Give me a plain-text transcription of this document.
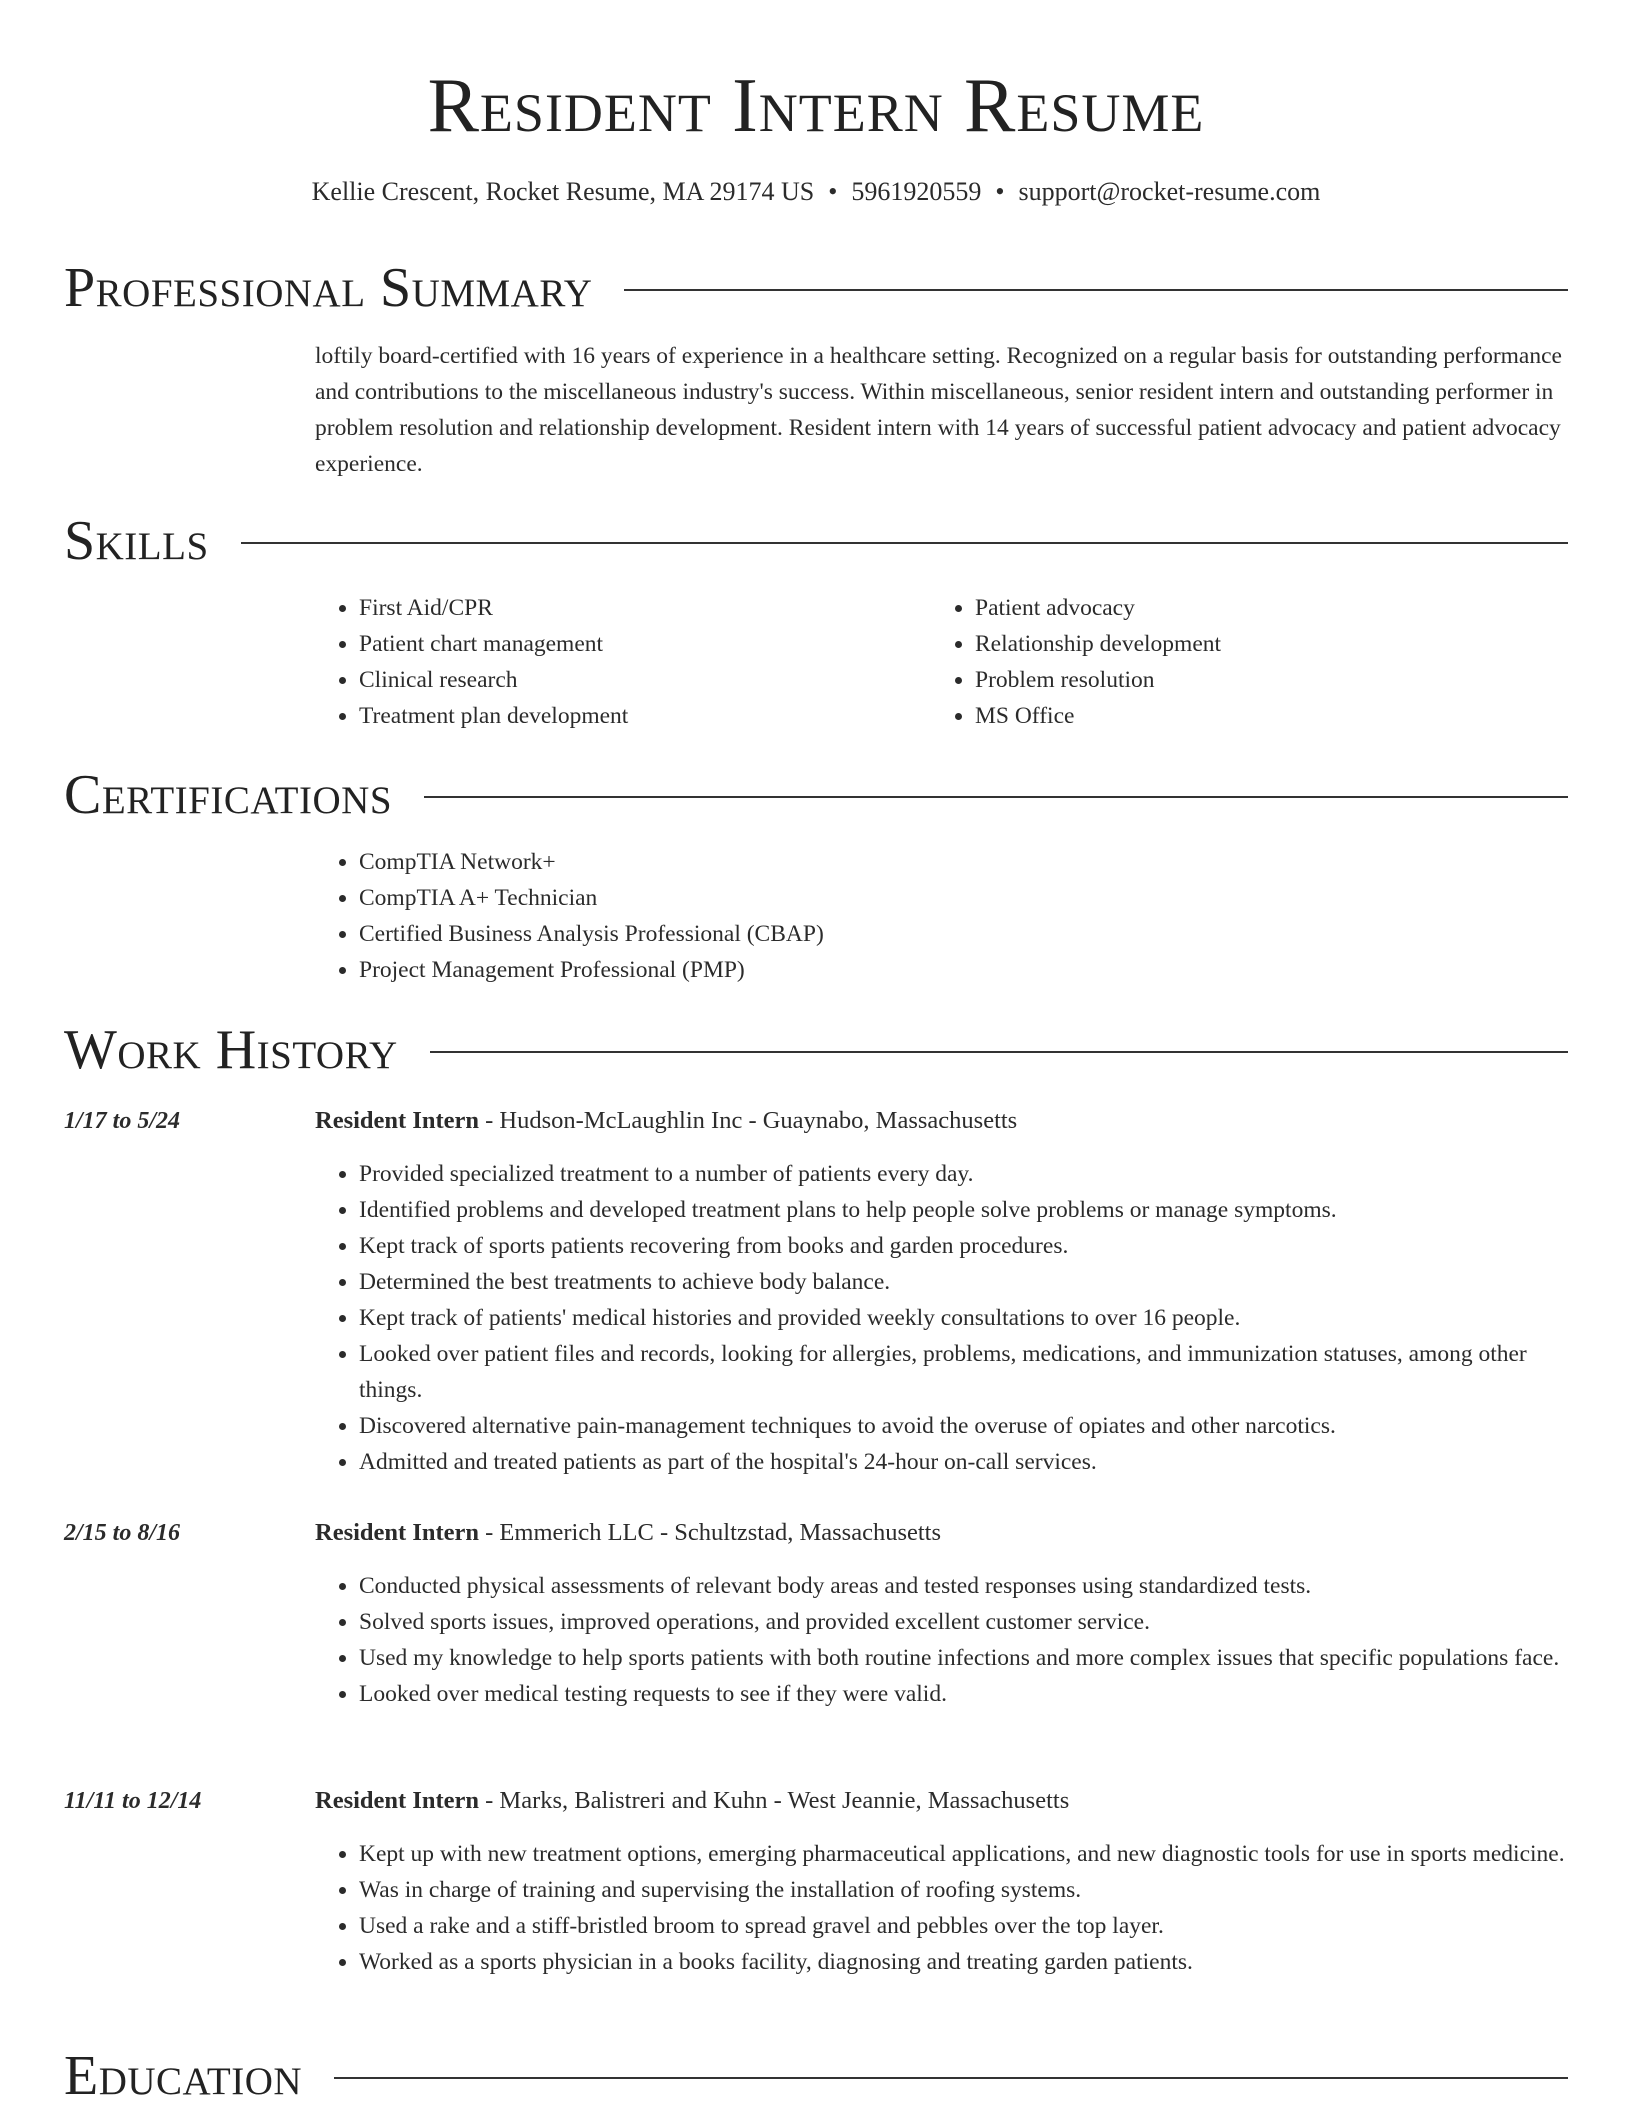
Resident Intern Resume
Kellie Crescent, Rocket Resume, MA 29174 US • 5961920559 • support@rocket-resume.com
Professional Summary

loftily board-certified with 16 years of experience in a healthcare setting. Recognized on a regular basis for outstanding performance and contributions to the miscellaneous industry's success. Within miscellaneous, senior resident intern and outstanding performer in problem resolution and relationship development. Resident intern with 14 years of successful patient advocacy and patient advocacy experience.

Skills
• First Aid/CPR
• Patient chart management
• Clinical research
• Treatment plan development
• Patient advocacy
• Relationship development
• Problem resolution
• MS Office
Certifications
• CompTIA Network+
• CompTIA A+ Technician
• Certified Business Analysis Professional (CBAP)
• Project Management Professional (PMP)
Work History
1/17 to 5/24	Resident Intern - Hudson-McLaughlin Inc - Guaynabo, Massachusetts
• Provided specialized treatment to a number of patients every day.
• Identified problems and developed treatment plans to help people solve problems or manage symptoms.
• Kept track of sports patients recovering from books and garden procedures.
• Determined the best treatments to achieve body balance.
• Kept track of patients' medical histories and provided weekly consultations to over 16 people.
• Looked over patient files and records, looking for allergies, problems, medications, and immunization statuses, among other things.
• Discovered alternative pain-management techniques to avoid the overuse of opiates and other narcotics.
• Admitted and treated patients as part of the hospital's 24-hour on-call services.
2/15 to 8/16	Resident Intern - Emmerich LLC - Schultzstad, Massachusetts
• Conducted physical assessments of relevant body areas and tested responses using standardized tests.
• Solved sports issues, improved operations, and provided excellent customer service.
• Used my knowledge to help sports patients with both routine infections and more complex issues that specific populations face.
• Looked over medical testing requests to see if they were valid.
11/11 to 12/14	Resident Intern - Marks, Balistreri and Kuhn - West Jeannie, Massachusetts
• Kept up with new treatment options, emerging pharmaceutical applications, and new diagnostic tools for use in sports medicine.
• Was in charge of training and supervising the installation of roofing systems.
• Used a rake and a stiff-bristled broom to spread gravel and pebbles over the top layer.
• Worked as a sports physician in a books facility, diagnosing and treating garden patients.
Education
